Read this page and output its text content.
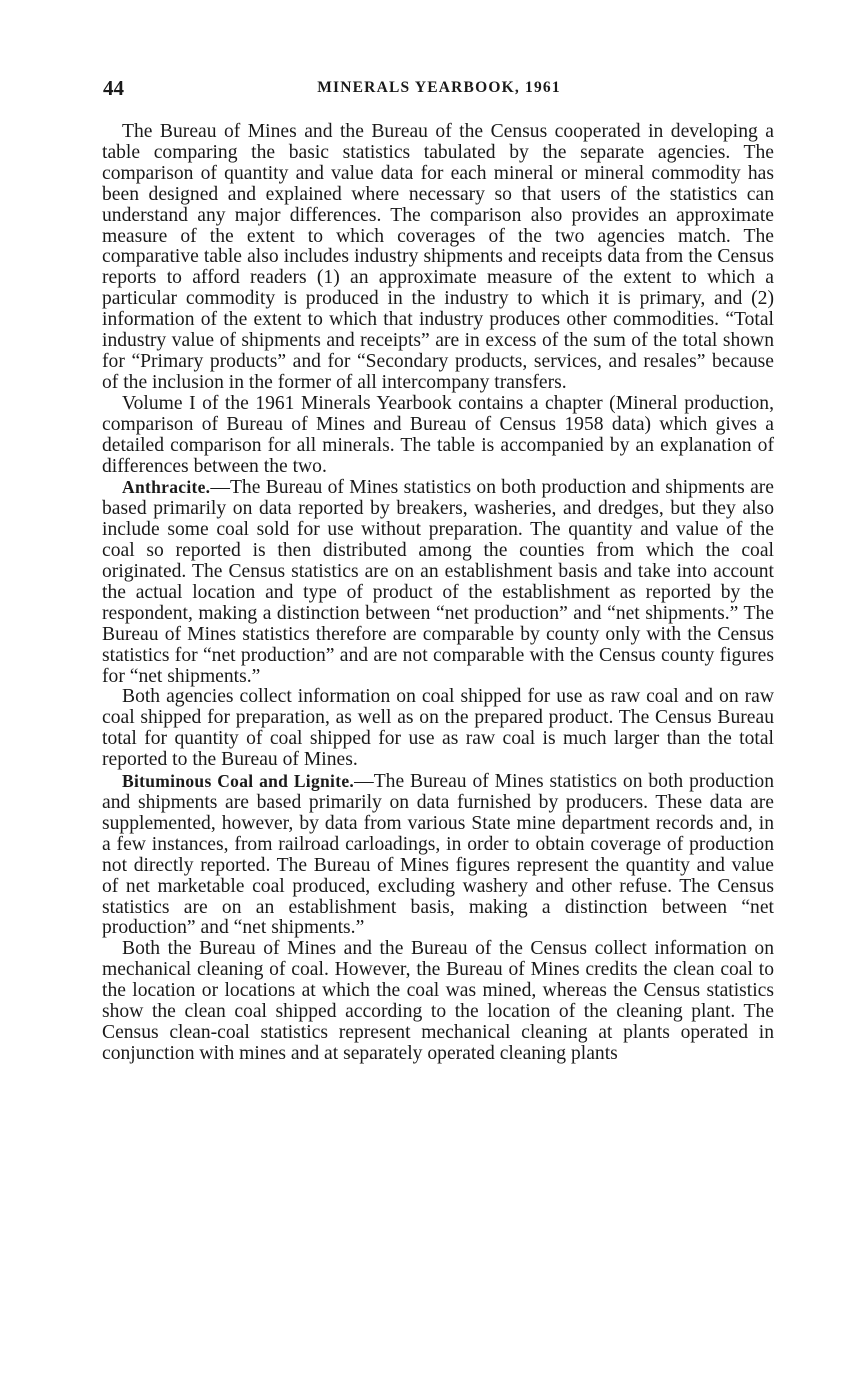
44	MINERALS YEARBOOK, 1961

The Bureau of Mines and the Bureau of the Census cooperated in developing a table comparing the basic statistics tabulated by the separate agencies. The comparison of quantity and value data for each mineral or mineral commodity has been designed and explained where necessary so that users of the statistics can understand any major differences. The comparison also provides an approximate measure of the extent to which coverages of the two agencies match. The comparative table also includes industry shipments and receipts data from the Census reports to afford readers (1) an approximate measure of the extent to which a particular commodity is produced in the industry to which it is primary, and (2) information of the extent to which that industry produces other commodities. “Total industry value of shipments and receipts” are in excess of the sum of the total shown for “Primary products” and for “Secondary products, services, and resales” because of the inclusion in the former of all intercompany transfers.

Volume I of the 1961 Minerals Yearbook contains a chapter (Mineral production, comparison of Bureau of Mines and Bureau of Census 1958 data) which gives a detailed comparison for all minerals. The table is accompanied by an explanation of differences between the two.

Anthracite.—The Bureau of Mines statistics on both production and shipments are based primarily on data reported by breakers, washeries, and dredges, but they also include some coal sold for use without preparation. The quantity and value of the coal so reported is then distributed among the counties from which the coal originated. The Census statistics are on an establishment basis and take into account the actual location and type of product of the establishment as reported by the respondent, making a distinction between “net production” and “net shipments.” The Bureau of Mines statistics therefore are comparable by county only with the Census statistics for “net production” and are not comparable with the Census county figures for “net shipments.”

Both agencies collect information on coal shipped for use as raw coal and on raw coal shipped for preparation, as well as on the prepared product. The Census Bureau total for quantity of coal shipped for use as raw coal is much larger than the total reported to the Bureau of Mines.

Bituminous Coal and Lignite.—The Bureau of Mines statistics on both production and shipments are based primarily on data furnished by producers. These data are supplemented, however, by data from various State mine department records and, in a few instances, from railroad carloadings, in order to obtain coverage of production not directly reported. The Bureau of Mines figures represent the quantity and value of net marketable coal produced, excluding washery and other refuse. The Census statistics are on an establishment basis, making a distinction between “net production” and “net shipments.”

Both the Bureau of Mines and the Bureau of the Census collect information on mechanical cleaning of coal. However, the Bureau of Mines credits the clean coal to the location or locations at which the coal was mined, whereas the Census statistics show the clean coal shipped according to the location of the cleaning plant. The Census clean-coal statistics represent mechanical cleaning at plants operated in conjunction with mines and at separately operated cleaning plants
